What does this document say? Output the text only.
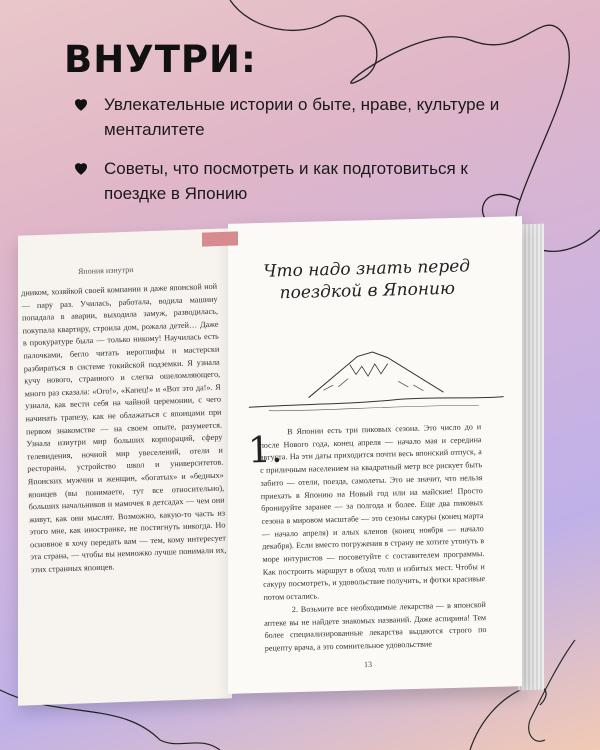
ВНУТРИ:
Увлекательные истории о быте, нраве, культуре и менталитете
Советы, что посмотреть и как подготовиться к поездке в Японию
Япония изнутри
дником, хозяйкой своей компании и даже японской ной — пару раз. Училась, работала, водила машину попадала в аварии, выходила замуж, разводилась, покупала квартиру, строила дом, рожала детей… Даже в прокуратуре была — только никому! Научилась есть палочками, бегло читать иероглифы и мастерски разбираться в системе токийской подземки. Я узнала кучу нового, странного и слегка ошеломляющего, много раз сказала: «Ого!», «Капец!» и «Вот это да!». Я узнала, как вести себя на чайной церемонии, с чего начинать трапезу, как не облажаться с японцами при первом знакомстве — на своем опыте, разумеется. Узнала изнутри мир больших корпораций, сферу телевидения, ночной мир увеселений, отели и рестораны, устройство школ и университетов. Японских мужчин и женщин, «богатых» и «бедных» японцев (вы понимаете, тут все относительно), больших начальников и мамочек в детсадах — чем они живут, как они мыслят. Возможно, какую-то часть из этого мне, как иностранке, не постигнуть никогда. Но основное я хочу передать вам — тем, кому интересует эта страна, — чтобы вы немножко лучше понимали их, этих странных японцев.
Что надо знать перед поездкой в Японию
1.
В Японии есть три пиковых сезона. Это число до и после Нового года, конец апреля — начало мая и середина августа. На эти даты приходится почти весь японский отпуск, а с приличным населением на квадратный метр все рискует быть забито — отели, поезда, самолеты. Это не значит, что нельзя приехать в Японию на Новый год или на майские! Просто бронируйте заранее — за полгода и более. Еще два пиковых сезона в мировом масштабе — это сезоны сакуры (конец марта — начало апреля) и алых кленов (конец ноября — начало декабря). Если вместо погружения в страну не хотите утонуть в море интуристов — посоветуйте с составителем программы. Как построить маршрут в обход толп и избитых мест. Чтобы и сакуру посмотреть, и удовольствие получить, и фотки красивые потом остались.
2. Возьмите все необходимые лекарства — в японской аптеке вы не найдете знакомых названий. Даже аспирина! Тем более специализированные лекарства выдаются строго по рецепту врача, а это сомнительное удовольствие
13
